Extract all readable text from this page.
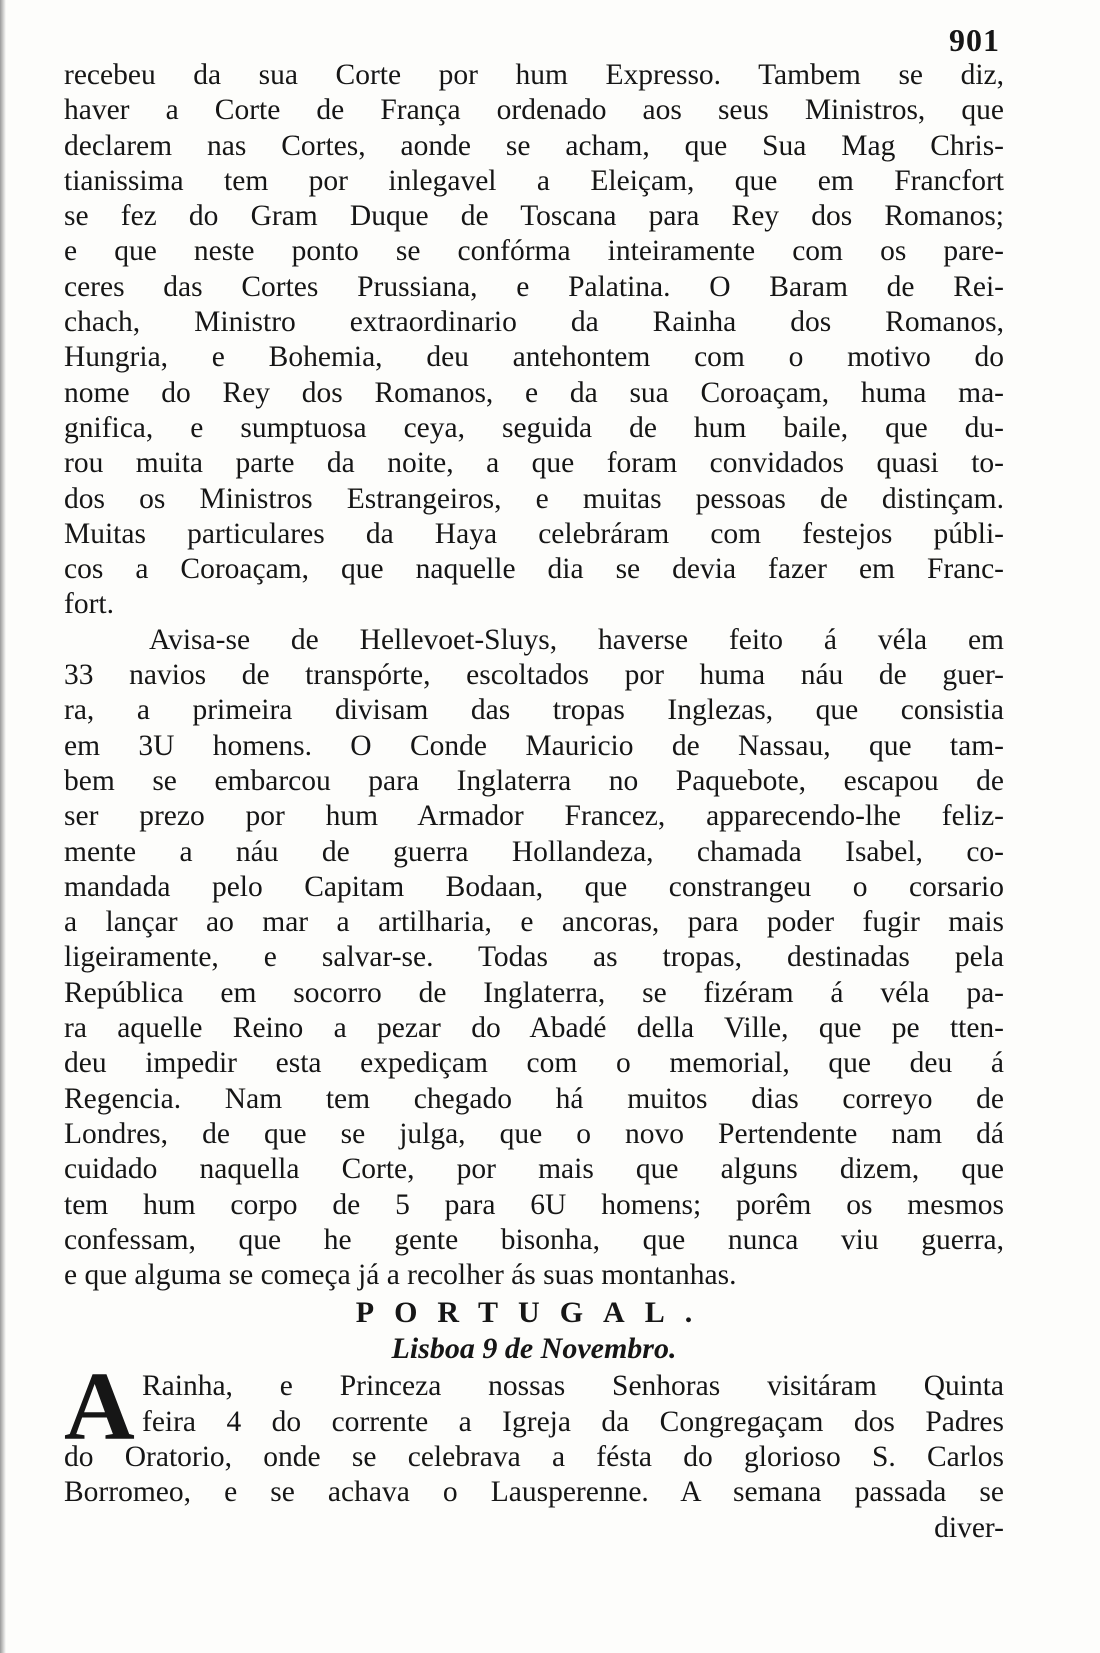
901
recebeu da sua Corte por hum Expresso. Tambem se diz,
haver a Corte de França ordenado aos seus Ministros, que
declarem nas Cortes, aonde se acham, que Sua Mag Chris-
tianissima tem por inlegavel a Eleiçam, que em Francfort
se fez do Gram Duque de Toscana para Rey dos Romanos;
e que neste ponto se confórma inteiramente com os pare-
ceres das Cortes Prussiana, e Palatina. O Baram de Rei-
chach, Ministro extraordinario da Rainha dos Romanos,
Hungria, e Bohemia, deu antehontem com o motivo do
nome do Rey dos Romanos, e da sua Coroaçam, huma ma-
gnifica, e sumptuosa ceya, seguida de hum baile, que du-
rou muita parte da noite, a que foram convidados quasi to-
dos os Ministros Estrangeiros, e muitas pessoas de distinçam.
Muitas particulares da Haya celebráram com festejos públi-
cos a Coroaçam, que naquelle dia se devia fazer em Franc-
fort.
Avisa-se de Hellevoet-Sluys, haverse feito á véla em
33 navios de transpórte, escoltados por huma náu de guer-
ra, a primeira divisam das tropas Inglezas, que consistia
em 3U homens. O Conde Mauricio de Nassau, que tam-
bem se embarcou para Inglaterra no Paquebote, escapou de
ser prezo por hum Armador Francez, apparecendo-lhe feliz-
mente a náu de guerra Hollandeza, chamada Isabel, co-
mandada pelo Capitam Bodaan, que constrangeu o corsario
a lançar ao mar a artilharia, e ancoras, para poder fugir mais
ligeiramente, e salvar-se. Todas as tropas, destinadas pela
República em socorro de Inglaterra, se fizéram á véla pa-
ra aquelle Reino a pezar do Abadé della Ville, que pe tten-
deu impedir esta expediçam com o memorial, que deu á
Regencia. Nam tem chegado há muitos dias correyo de
Londres, de que se julga, que o novo Pertendente nam dá
cuidado naquella Corte, por mais que alguns dizem, que
tem hum corpo de 5 para 6U homens; porêm os mesmos
confessam, que he gente bisonha, que nunca viu guerra,
e que alguma se começa já a recolher ás suas montanhas.
PORTUGAL.
Lisboa 9 de Novembro.
A Rainha, e Princeza nossas Senhoras visitáram Quinta
feira 4 do corrente a Igreja da Congregaçam dos Padres
do Oratorio, onde se celebrava a fésta do glorioso S. Carlos
Borromeo, e se achava o Lausperenne. A semana passada se
diver-
